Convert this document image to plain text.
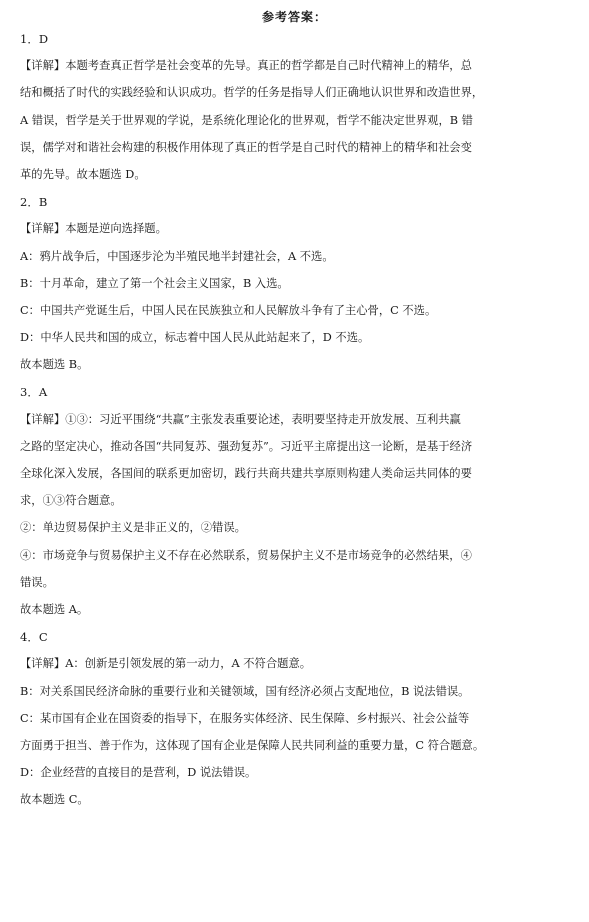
参考答案：
1．D
【详解】本题考查真正哲学是社会变革的先导。真正的哲学都是自己时代精神上的精华，总
结和概括了时代的实践经验和认识成功。哲学的任务是指导人们正确地认识世界和改造世界，
A 错误，哲学是关于世界观的学说，是系统化理论化的世界观，哲学不能决定世界观，B 错
误，儒学对和谐社会构建的积极作用体现了真正的哲学是自己时代的精神上的精华和社会变
革的先导。故本题选 D。
2．B
【详解】本题是逆向选择题。
A：鸦片战争后，中国逐步沦为半殖民地半封建社会，A 不选。
B：十月革命，建立了第一个社会主义国家，B 入选。
C：中国共产党诞生后，中国人民在民族独立和人民解放斗争有了主心骨，C 不选。
D：中华人民共和国的成立，标志着中国人民从此站起来了，D 不选。
故本题选 B。
3．A
【详解】①③：习近平围绕“共赢”主张发表重要论述，表明要坚持走开放发展、互利共赢
之路的坚定决心，推动各国“共同复苏、强劲复苏”。习近平主席提出这一论断，是基于经济
全球化深入发展，各国间的联系更加密切，践行共商共建共享原则构建人类命运共同体的要
求，①③符合题意。
②：单边贸易保护主义是非正义的，②错误。
④：市场竞争与贸易保护主义不存在必然联系，贸易保护主义不是市场竞争的必然结果，④
错误。
故本题选 A。
4．C
【详解】A：创新是引领发展的第一动力，A 不符合题意。
B：对关系国民经济命脉的重要行业和关键领域，国有经济必须占支配地位，B 说法错误。
C：某市国有企业在国资委的指导下，在服务实体经济、民生保障、乡村振兴、社会公益等
方面勇于担当、善于作为，这体现了国有企业是保障人民共同利益的重要力量，C 符合题意。
D：企业经营的直接目的是营利，D 说法错误。
故本题选 C。
